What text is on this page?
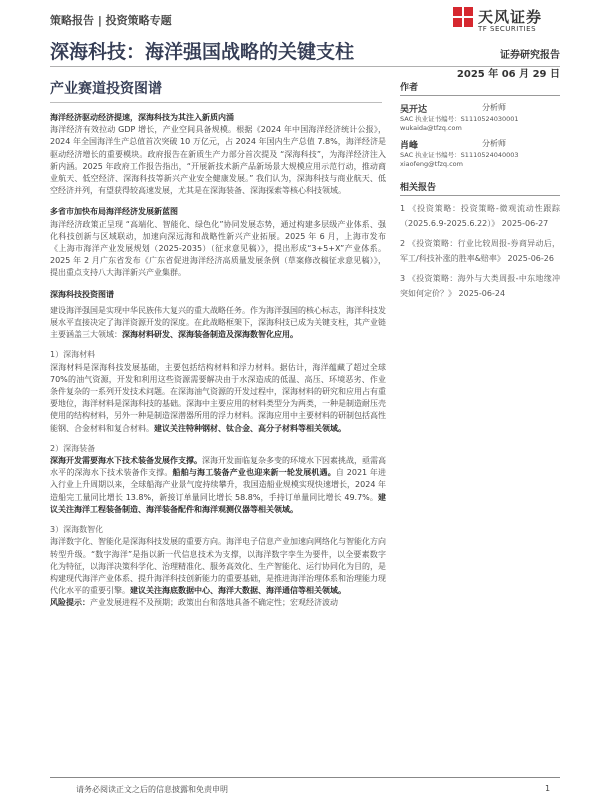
策略报告 | 投资策略专题	天风证券
TF SECURITIES
深海科技：海洋强国战略的关键支柱	证券研究报告
2025 年 06 月 29 日
产业赛道投资图谱
海洋经济驱动经济提速，深海科技为其注入新质内涌
海洋经济有效拉动 GDP 增长，产业空间具备规模。根据《2024 年中国海洋经济统计公报》，2024 年全国海洋生产总值首次突破 10 万亿元，占 2024 年国内生产总值 7.8%，海洋经济是驱动经济增长的重要模块。政府报告在新质生产力部分首次提及 “深海科技”，为海洋经济注入新内涵。2025 年政府工作报告指出，“开展新技术新产品新场景大规模应用示范行动，推动商业航天、低空经济、深海科技等新兴产业安全健康发展。” 我们认为，深海科技与商业航天、低空经济并列，有望获得较高速发展，尤其是在深海装备、深海探索等核心科技领域。
多省市加快布局海洋经济发展新蓝图
海洋经济政策正呈现 “高端化、智能化、绿色化”协同发展态势，通过构建多层级产业体系、强化科技创新与区域联动，加速向深远海和战略性新兴产业拓展。2025 年 6 月，上海市发布《上海市海洋产业发展规划（2025-2035）（征求意见稿）》，提出形成“3+5+X”产业体系。2025 年 2 月广东省发布《广东省促进海洋经济高质量发展条例（草案修改稿征求意见稿）》，提出重点支持八大海洋新兴产业集群。
深海科技投资图谱
建设海洋强国是实现中华民族伟大复兴的重大战略任务。作为海洋强国的核心标志，海洋科技发展水平直接决定了海洋资源开发的深度。在此战略框架下，深海科技已成为关键支柱，其产业链主要涵盖三大领域：深海材料研发、深海装备制造及深海数智化应用。
1）深海材料
深海材料是深海科技发展基础，主要包括结构材料和浮力材料。据估计，海洋蕴藏了超过全球 70%的油气资源，开发和利用这些资源需要解决由于水深造成的低温、高压、环境恶劣、作业条件复杂的一系列开发技术问题。在深海油气资源的开发过程中，深海材料的研究和应用占有重要地位，海洋材料是深海科技的基础。深海中主要应用的材料类型分为两类，一种是制造耐压壳使用的结构材料，另外一种是制造深潜器所用的浮力材料。深海应用中主要材料的研制包括高性能钢、合金材料和复合材料。建议关注特种钢材、钛合金、高分子材料等相关领域。
2）深海装备
深海开发需要海水下技术装备发展作支撑。深海开发面临复杂多变的环境水下因素挑战，亟需高水平的深海水下技术装备作支撑。船舶与海工装备产业也迎来新一轮发展机遇。自 2021 年进入行业上升周期以来，全球船海产业景气度持续攀升，我国造船业规模实现快速增长，2024 年造船完工量同比增长 13.8%，新接订单量同比增长 58.8%，手持订单量同比增长 49.7%。建议关注海洋工程装备制造、海洋装备配件和海洋观测仪器等相关领域。
3）深海数智化
海洋数字化、智能化是深海科技发展的重要方向。海洋电子信息产业加速向网络化与智能化方向转型升级。“数字海洋”是指以新一代信息技术为支撑，以海洋数字孪生为要件，以全要素数字化为特征，以海洋决策科学化、治理精准化、服务高效化、生产智能化、运行协同化为目的，是构建现代海洋产业体系、提升海洋科技创新能力的重要基础，是推进海洋治理体系和治理能力现代化水平的重要引擎。建议关注海底数据中心、海洋大数据、海洋通信等相关领域。
风险提示：产业发展进程不及预期；政策出台和落地具备不确定性；宏观经济波动
作者
吴开达	分析师
SAC 执业证书编号：S1110524030001
wukaida@tfzq.com
肖峰	分析师
SAC 执业证书编号：S1110524040003
xiaofeng@tfzq.com
相关报告
1 《投资策略：投资策略-微观流动性跟踪（2025.6.9-2025.6.22）》 2025-06-27
2 《投资策略：行业比较周报-券商异动后，军工/科技补涨的胜率&赔率》 2025-06-26
3 《投资策略：海外与大类周报-中东地缘冲突如何定价？》 2025-06-24
请务必阅读正文之后的信息披露和免责申明	1
